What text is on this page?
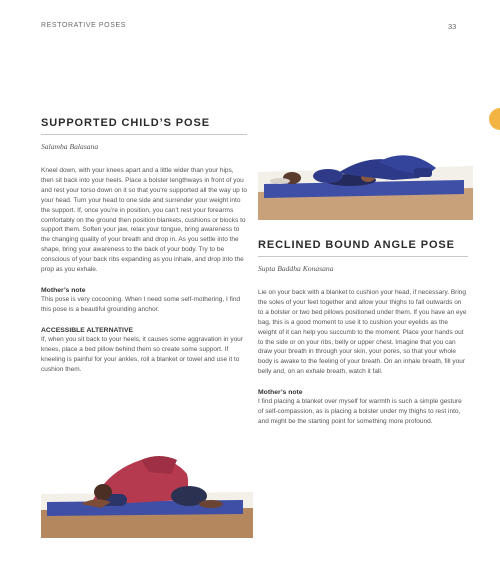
RESTORATIVE POSES	33
SUPPORTED CHILD’S POSE
Salamba Balasana

Kneel down, with your knees apart and a little wider than your hips, then sit back into your heels. Place a bolster lengthways in front of you and rest your torso down on it so that you’re supported all the way up to your head. Turn your head to one side and surrender your weight into the support. If, once you’re in position, you can’t rest your forearms comfortably on the ground then position blankets, cushions or blocks to support them. Soften your jaw, relax your tongue, bring awareness to the changing quality of your breath and drop in. As you settle into the shape, bring your awareness to the back of your body. Try to be conscious of your back ribs expanding as you inhale, and drop into the prop as you exhale.

Mother’s note

This pose is very cocooning. When I need some self-mothering, I find this pose is a beautiful grounding anchor.

ACCESSIBLE ALTERNATIVE

If, when you sit back to your heels, it causes some aggravation in your knees, place a bed pillow behind them so create some support. If kneeling is painful for your ankles, roll a blanket or towel and use it to cushion them.

RECLINED BOUND ANGLE POSE
Supta Baddha Konasana

Lie on your back with a blanket to cushion your head, if necessary. Bring the soles of your feet together and allow your thighs to fall outwards on to a bolster or two bed pillows positioned under them. If you have an eye bag, this is a good moment to use it to cushion your eyelids as the weight of it can help you succumb to the moment. Place your hands out to the side or on your ribs, belly or upper chest. Imagine that you can draw your breath in through your skin, your pores, so that your whole body is awake to the feeling of your breath. On an inhale breath, fill your belly and, on an exhale breath, watch it fall.

Mother’s note

I find placing a blanket over myself for warmth is such a simple gesture of self-compassion, as is placing a bolster under my thighs to rest into, and might be the starting point for something more profound.
